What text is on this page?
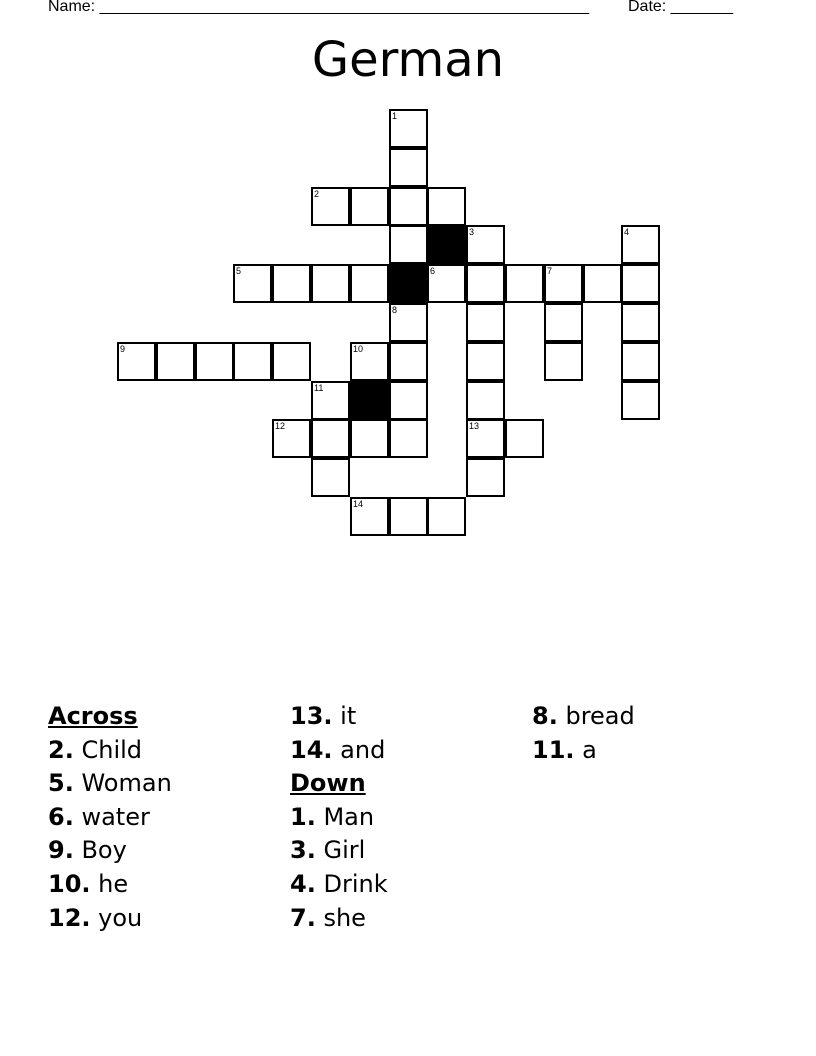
Name: _______________________________________________________ Date: _______
German
1
2
3	4
5	6	7
8
9	10
11
12	13
14
Across
2. Child
5. Woman
6. water
9. Boy
10. he
12. you
13. it
14. and
Down
1. Man
3. Girl
4. Drink
7. she
8. bread
11. a
